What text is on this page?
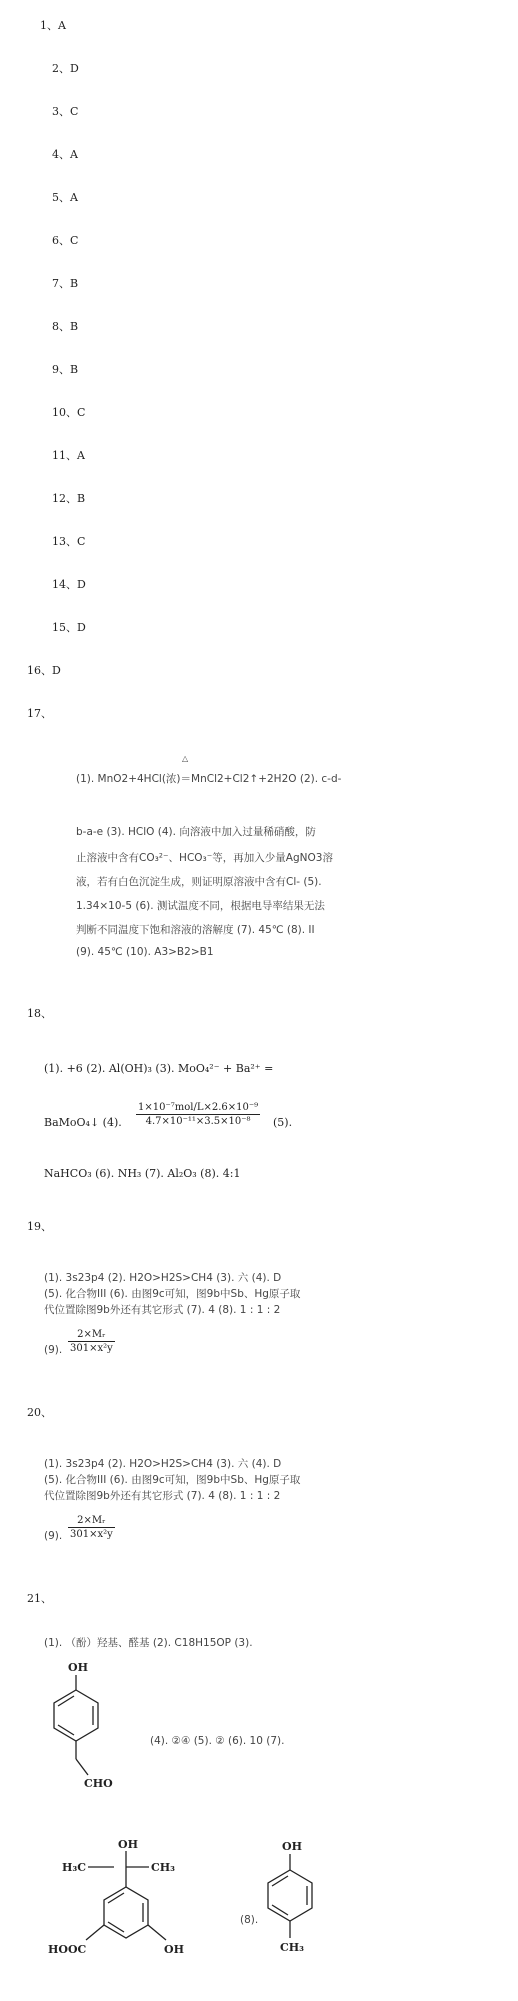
1、A
2、D
3、C
4、A
5、A
6、C
7、B
8、B
9、B
10、C
11、A
12、B
13、C
14、D
15、D
16、D
17、
△
(1). MnO2+4HCl(浓)＝MnCl2+Cl2↑+2H2O (2). c-d-
b-a-e (3). HClO (4). 向溶液中加入过量稀硝酸，防
止溶液中含有CO₃²⁻、HCO₃⁻等，再加入少量AgNO3溶
液，若有白色沉淀生成，则证明原溶液中含有Cl- (5).
1.34×10-5 (6). 测试温度不同，根据电导率结果无法
判断不同温度下饱和溶液的溶解度 (7). 45℃ (8). II
(9). 45℃ (10). A3>B2>B1
18、
(1). +6 (2). Al(OH)₃ (3). MoO₄²⁻ + Ba²⁺ =
BaMoO₄↓ (4).
1×10⁻⁷mol/L×2.6×10⁻⁹
4.7×10⁻¹¹×3.5×10⁻⁸	(5).
NaHCO₃ (6). NH₃ (7). Al₂O₃ (8). 4:1
19、
(1). 3s23p4 (2). H2O>H2S>CH4 (3). 六 (4). D
(5). 化合物III (6). 由图9c可知，图9b中Sb、Hg原子取
代位置除图9b外还有其它形式 (7). 4 (8). 1 : 1 : 2
(9). $\frac{\text{2×Mᵣ}}{\text{301×x²y}}$
20、
(1). 3s23p4 (2). H2O>H2S>CH4 (3). 六 (4). D
(5). 化合物III (6). 由图9c可知，图9b中Sb、Hg原子取
代位置除图9b外还有其它形式 (7). 4 (8). 1 : 1 : 2
(9). $\frac{\text{2×Mᵣ}}{\text{301×x²y}}$
21、
(1). （酚）羟基、醛基 (2). C18H15OP (3).
OH
CHO
(4). ②④ (5). ② (6). 10 (7).
OH
H₃C	CH₃
HOOC	OH
(8).
OH
CH₃
